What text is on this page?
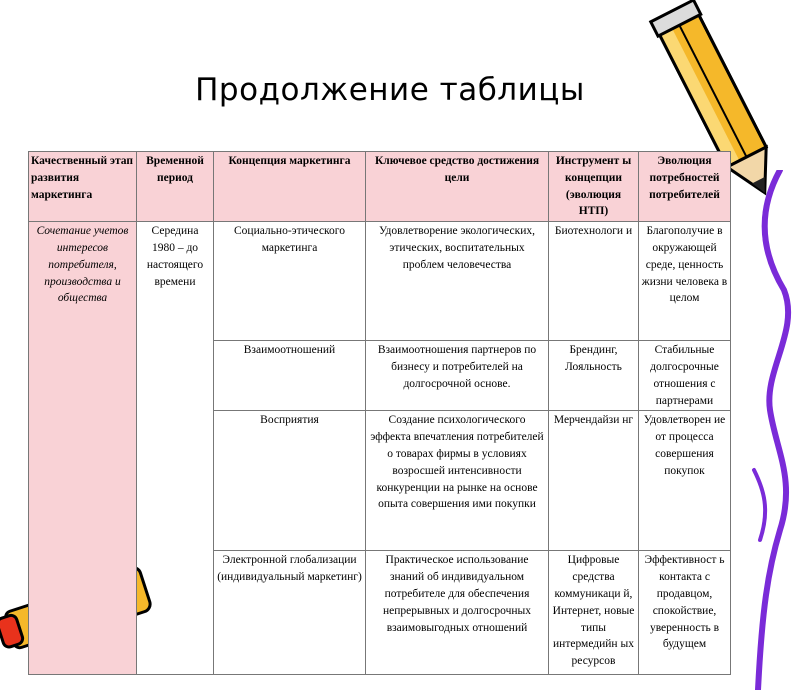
Продолжение таблицы
Качественный этап развития маркетинга	Временной период	Концепция маркетинга	Ключевое средство достижения цели	Инструмент ы концепции (эволюция НТП)	Эволюция потребностей потребителей
Сочетание учетов интересов потребителя, производства и общества	Середина 1980 – до настоящего времени	Социально-этического маркетинга	Удовлетворение экологических, этических, воспитательных проблем человечества	Биотехнологи и	Благополучие в окружающей среде, ценность жизни человека в целом
		Взаимоотношений	Взаимоотношения партнеров по бизнесу и потребителей на долгосрочной основе.	Брендинг, Лояльность	Стабильные долгосрочные отношения с партнерами
		Восприятия	Создание психологического эффекта впечатления потребителей о товарах фирмы в условиях возросшей интенсивности конкуренции на рынке на основе опыта совершения ими покупки	Мерчендайзи нг	Удовлетворен ие от процесса совершения покупок
		Электронной глобализации (индивидуальный маркетинг)	Практическое использование знаний об индивидуальном потребителе для обеспечения непрерывных и долгосрочных взаимовыгодных отношений	Цифровые средства коммуникаци й, Интернет, новые типы интермедийн ых ресурсов	Эффективност ь контакта с продавцом, спокойствие, уверенность в будущем
